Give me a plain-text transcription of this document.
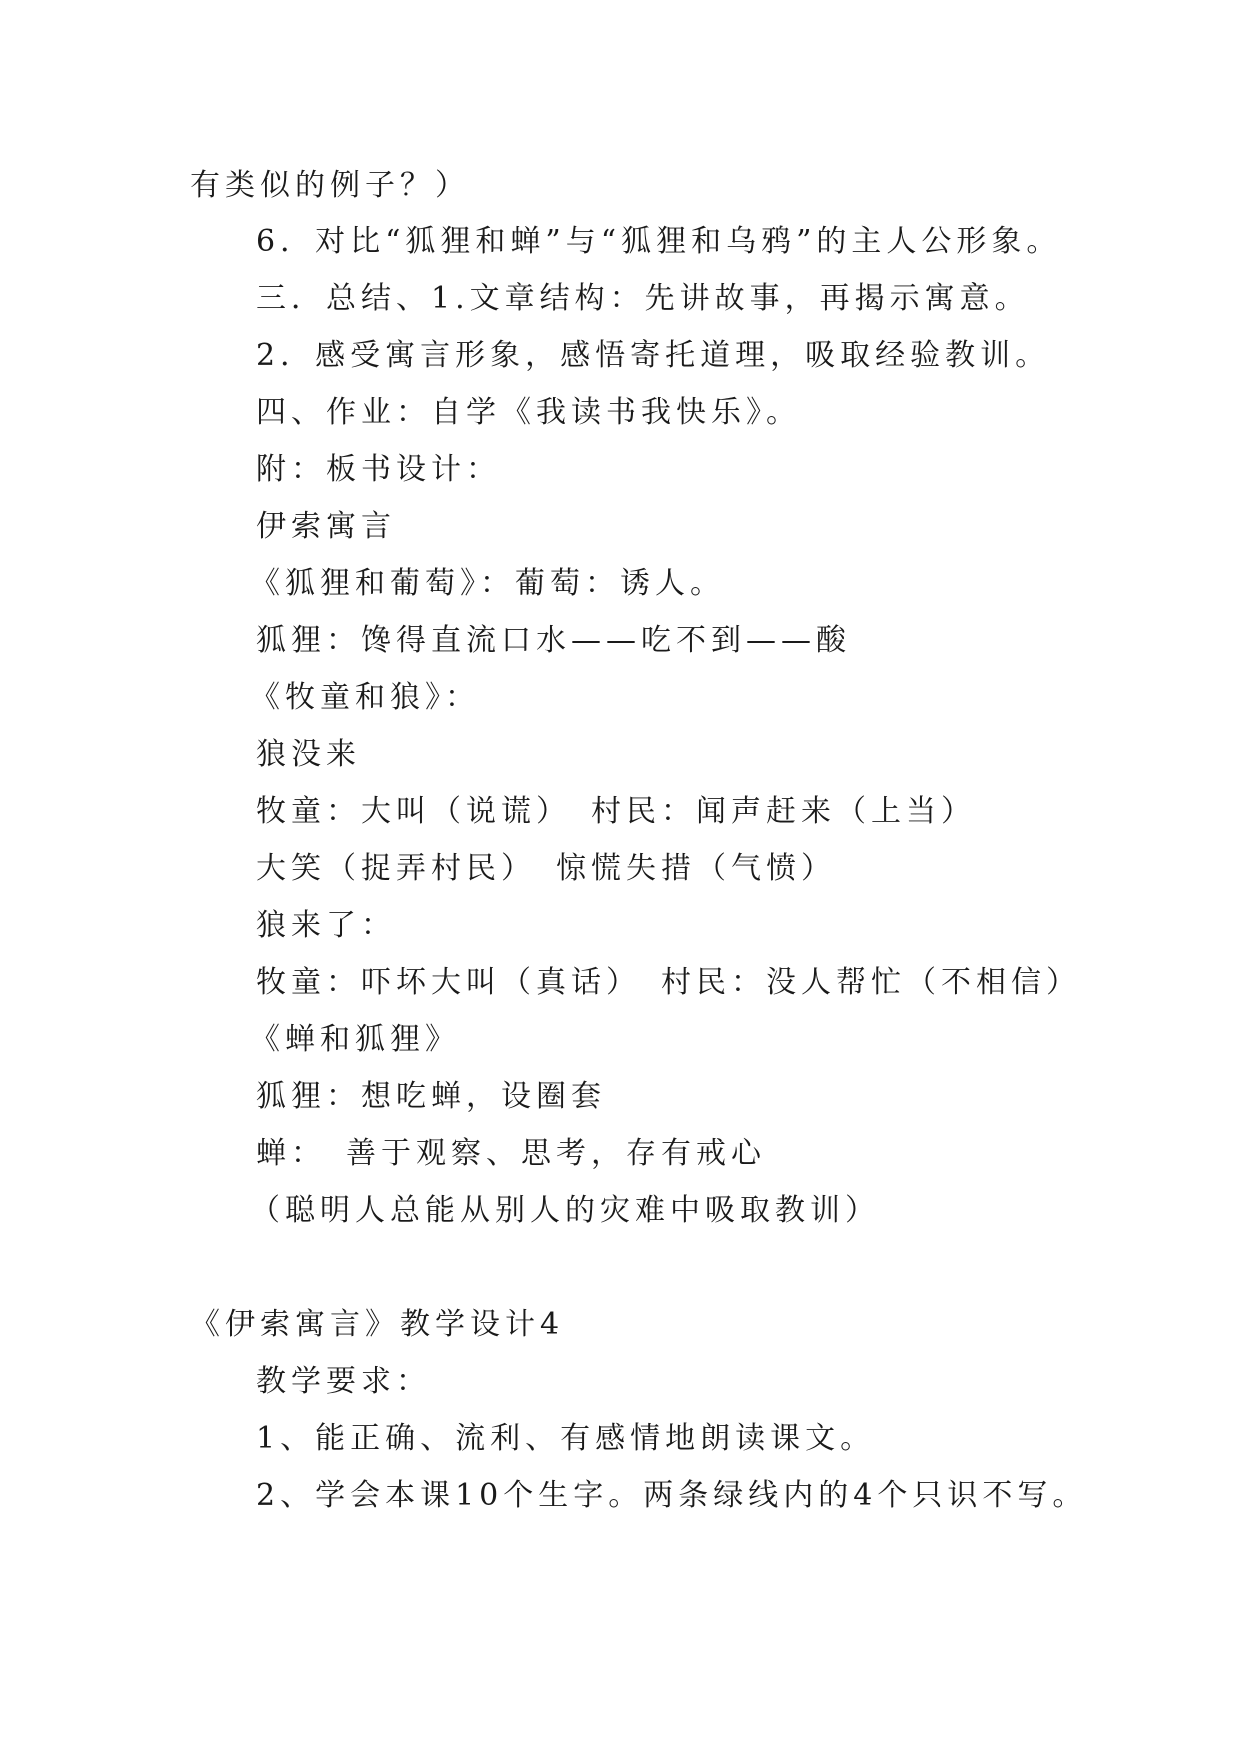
有类似的例子？）
6．对比“狐狸和蝉”与“狐狸和乌鸦”的主人公形象。
三．总结、1.文章结构：先讲故事，再揭示寓意。
2．感受寓言形象，感悟寄托道理，吸取经验教训。
四、作业：自学《我读书我快乐》。
附：板书设计：
伊索寓言
《狐狸和葡萄》：葡萄：诱人。
狐狸：馋得直流口水——吃不到——酸
《牧童和狼》：
狼没来
牧童：大叫（说谎）　村民：闻声赶来（上当）
大笑（捉弄村民）　惊慌失措（气愤）
狼来了：
牧童：吓坏大叫（真话）　村民：没人帮忙（不相信）
《蝉和狐狸》
狐狸：想吃蝉，设圈套
蝉：　善于观察、思考，存有戒心
（聪明人总能从别人的灾难中吸取教训）
《伊索寓言》教学设计4
教学要求：
1、能正确、流利、有感情地朗读课文。
2、学会本课10个生字。两条绿线内的4个只识不写。
